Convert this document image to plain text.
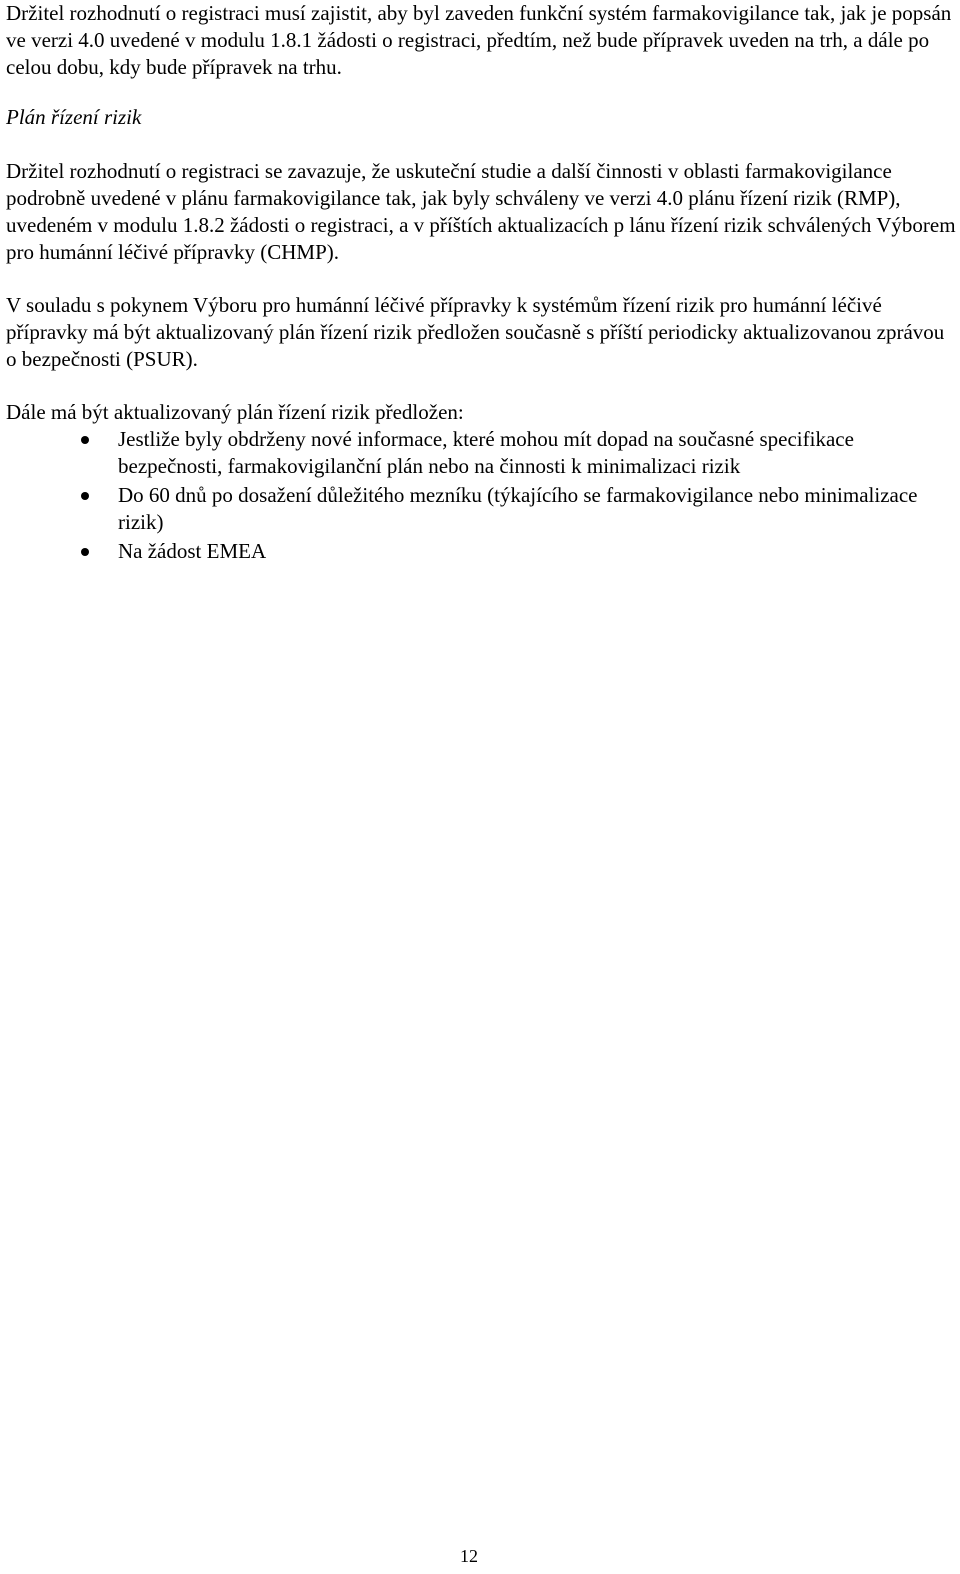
Držitel rozhodnutí o registraci musí zajistit, aby byl zaveden funkční systém farmakovigilance tak, jak je popsán ve verzi 4.0 uvedené v modulu 1.8.1 žádosti o registraci, předtím, než bude přípravek uveden na trh, a dále po celou dobu, kdy bude přípravek na trhu.

Plán řízení rizik

Držitel rozhodnutí o registraci se zavazuje, že uskuteční studie a další činnosti v oblasti farmakovigilance podrobně uvedené v plánu farmakovigilance tak, jak byly schváleny ve verzi 4.0 plánu řízení rizik (RMP), uvedeném v modulu 1.8.2 žádosti o registraci, a v příštích aktualizacích p lánu řízení rizik schválených Výborem pro humánní léčivé přípravky (CHMP).

V souladu s pokynem Výboru pro humánní léčivé přípravky k systémům řízení rizik pro humánní léčivé přípravky má být aktualizovaný plán řízení rizik předložen současně s příští periodicky aktualizovanou zprávou o bezpečnosti (PSUR).

Dále má být aktualizovaný plán řízení rizik předložen:

Jestliže byly obdrženy nové informace, které mohou mít dopad na současné specifikace bezpečnosti, farmakovigilanční plán nebo na činnosti k minimalizaci rizik
Do 60 dnů po dosažení důležitého mezníku (týkajícího se farmakovigilance nebo minimalizace rizik)
Na žádost EMEA
12
